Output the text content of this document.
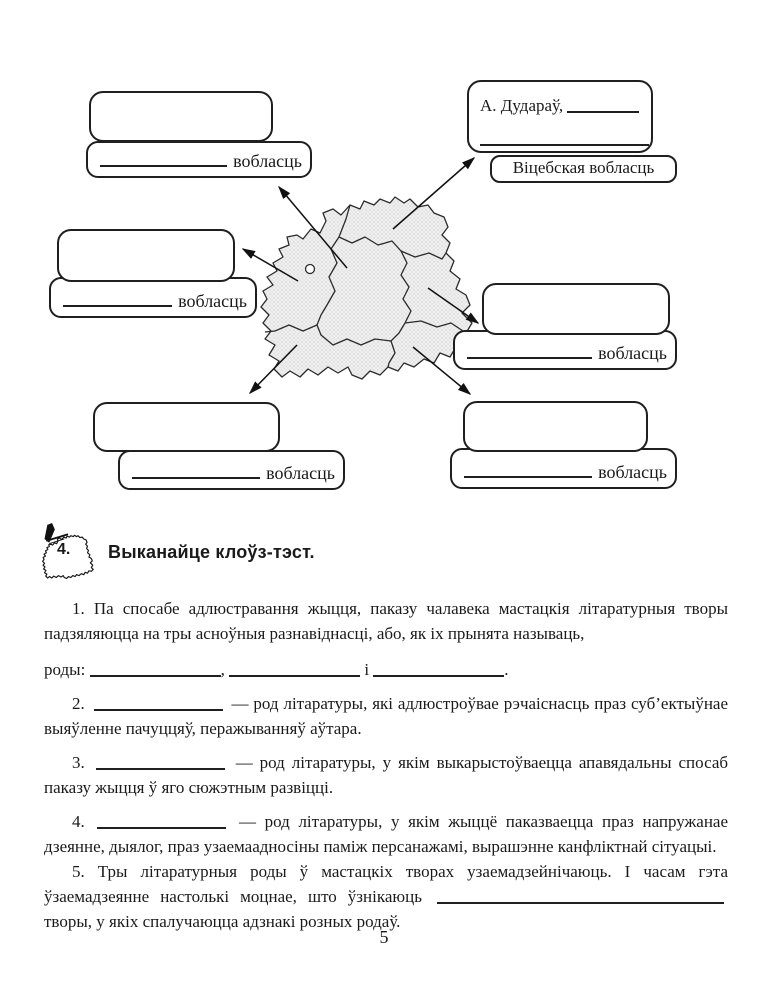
воблаcць	Віцебская воблаcць
А. Дудараў,
воблаcць
воблаcць
воблаcць	воблаcць
4. Выканайце клоўз-тэст.

1. Па спосабе адлюстравання жыцця, паказу чалавека мастацкія літаратурныя творы падзяляюцца на тры асноўныя разнавіднасці, або, як іх прынята называць,

роды:	,	і	.

2.	— род літаратуры, які адлюстроўвае рэчаіснасць праз суб’ектыўнае выяўленне пачуццяў, перажыванняў аўтара.

3.	— род літаратуры, у якім выкарыстоўваецца апавядальны спосаб паказу жыцця ў яго сюжэтным развіцці.

4.	— род літаратуры, у якім жыццё паказваецца праз напружанае дзеянне, дыялог, праз узаемаадносіны паміж персанажамі, вырашэнне канфліктнай сітуацыі.

5. Тры літаратурныя роды ў мастацкіх творах узаемадзейнічаюць. І часам гэта ўзаемадзеянне настолькі моцнае, што ўзнікаюць  творы, у якіх спалучаюцца адзнакі розных родаў.

5
